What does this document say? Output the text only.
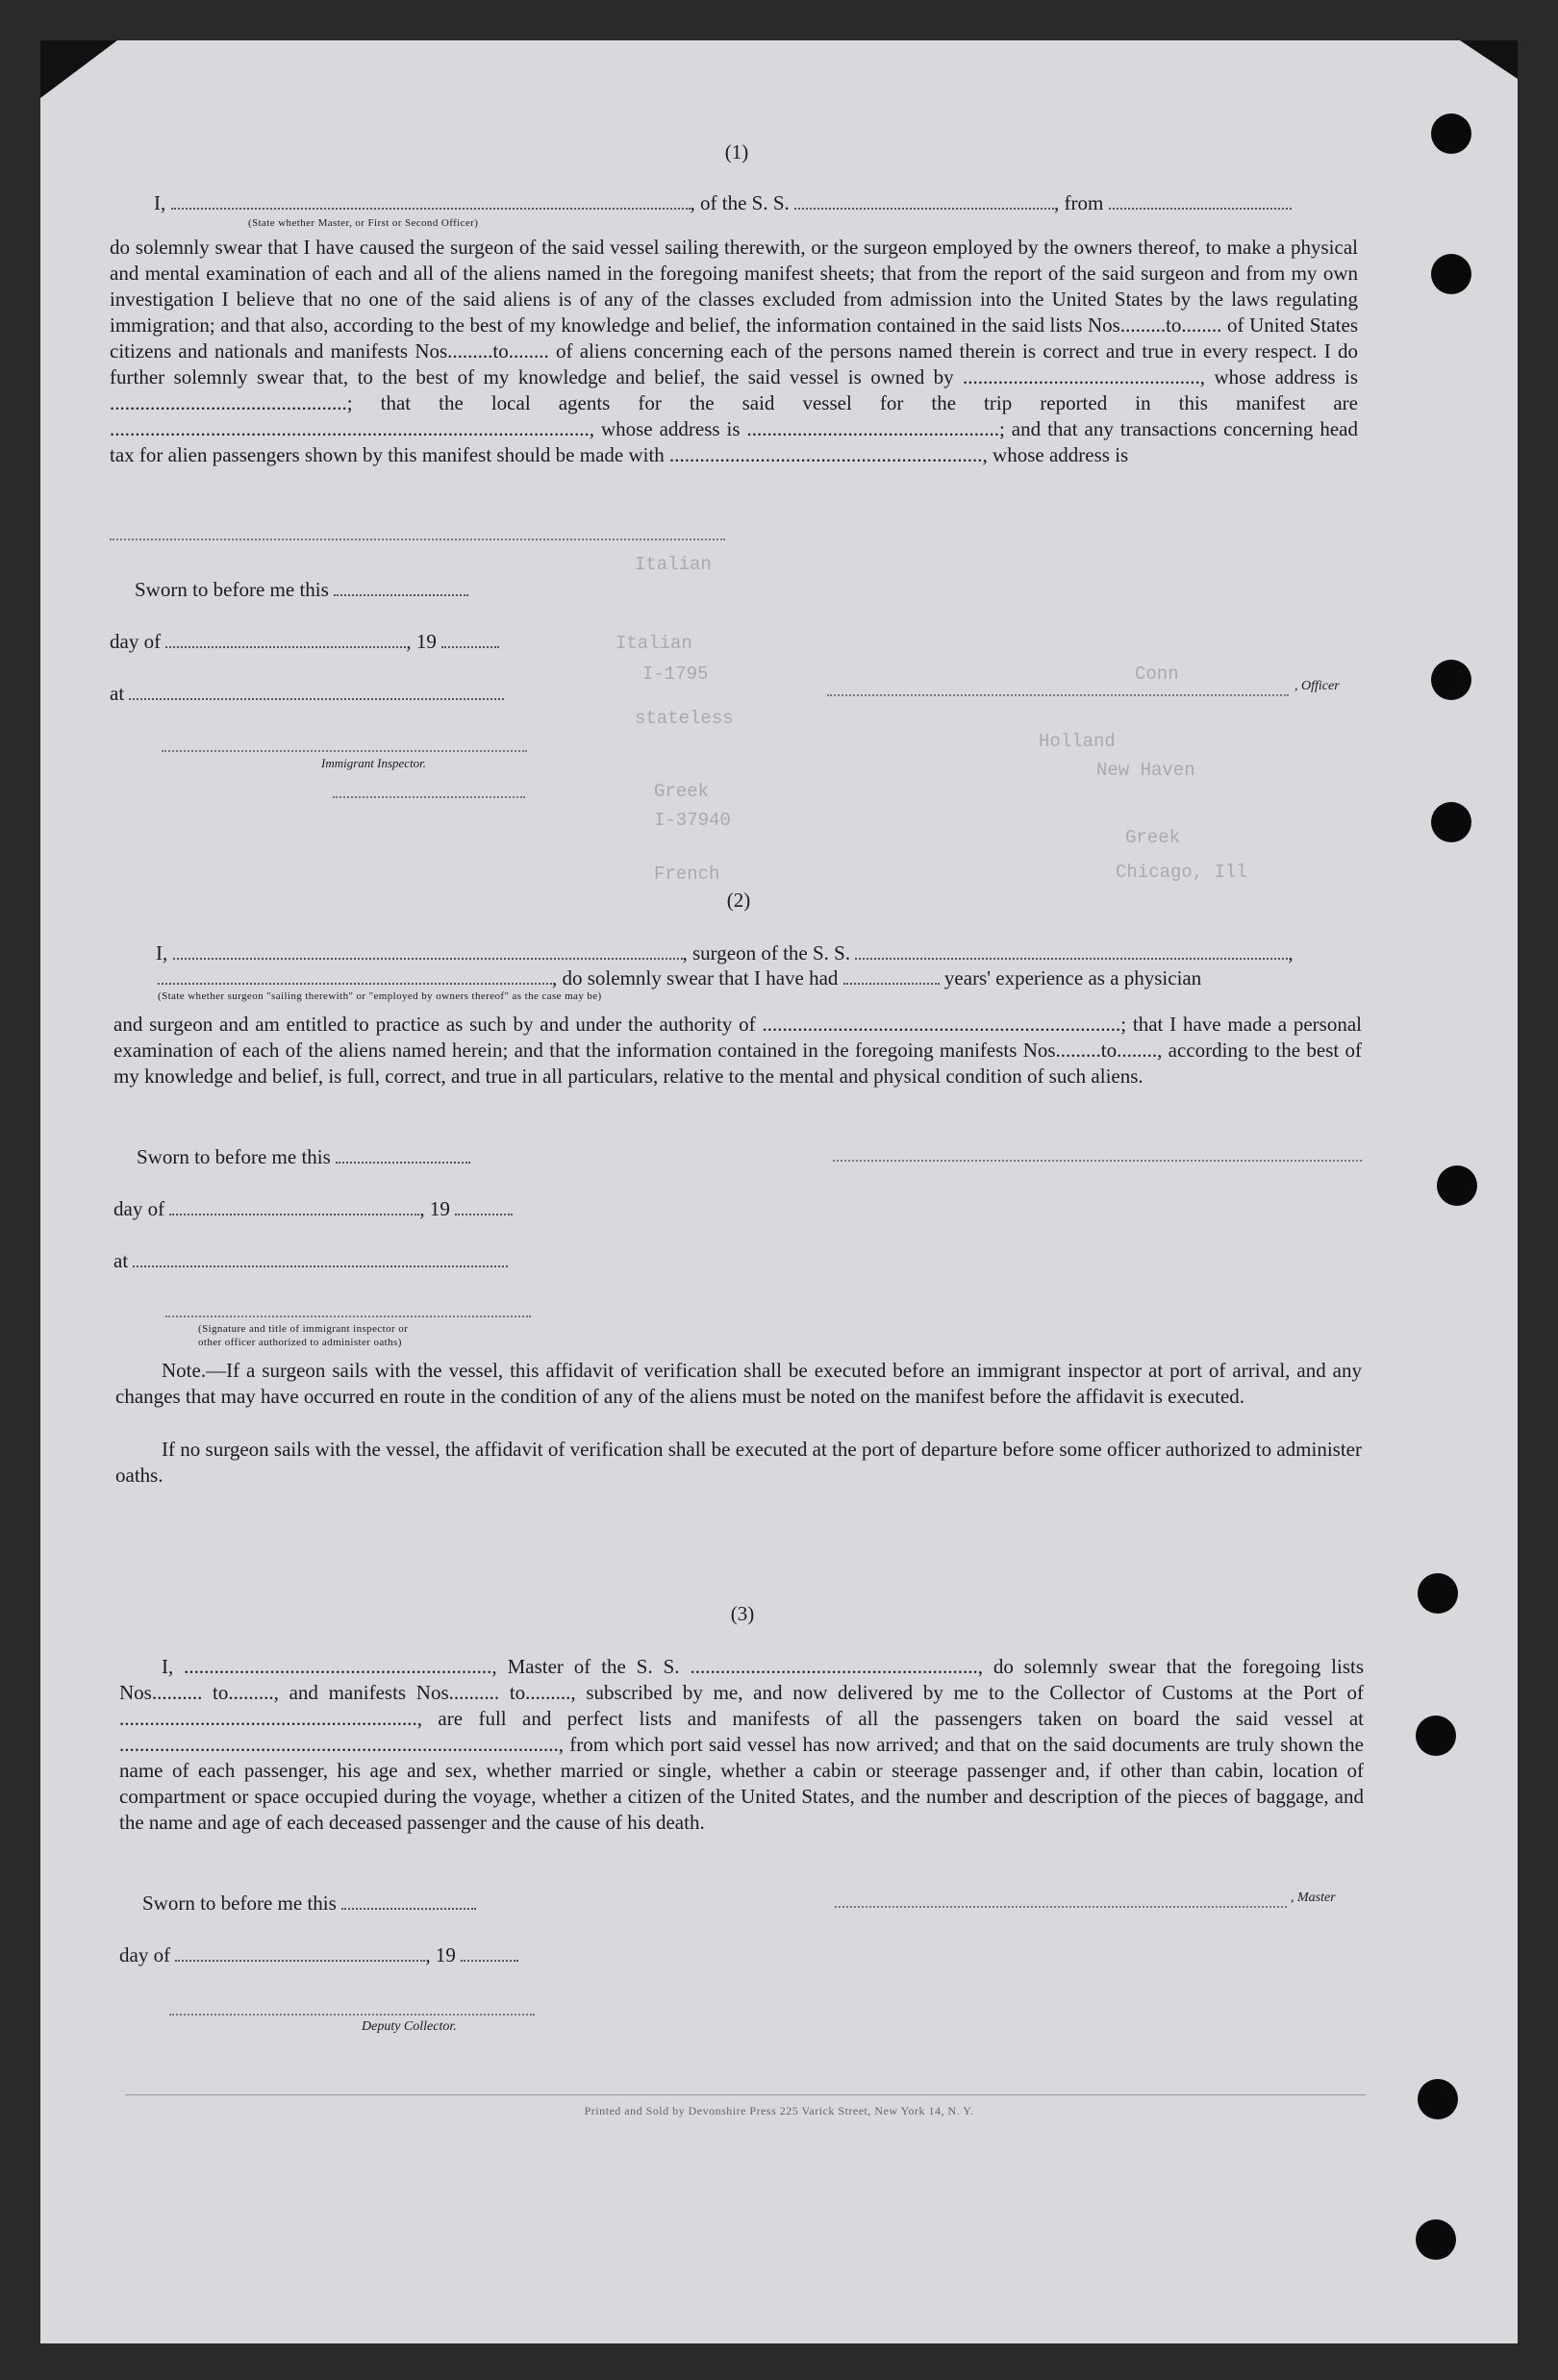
Italian
Italian
I-1795
stateless
Greek
I-37940
French
Conn
Holland
New Haven
Greek
Chicago, Ill
(1)
I,	, of the S. S.	, from
(State whether Master, or First or Second Officer)
do solemnly swear that I have caused the surgeon of the said vessel sailing therewith, or the surgeon employed by the owners thereof, to make a physical and mental examination of each and all of the aliens named in the foregoing manifest sheets; that from the report of the said surgeon and from my own investigation I believe that no one of the said aliens is of any of the classes excluded from admission into the United States by the laws regulating immigration; and that also, according to the best of my knowledge and belief, the information contained in the said lists Nos.........to........ of United States citizens and nationals and manifests Nos.........to........ of aliens concerning each of the persons named therein is correct and true in every respect. I do further solemnly swear that, to the best of my knowledge and belief, the said vessel is owned by ..............................................., whose address is ...............................................; that the local agents for the said vessel for the trip reported in this manifest are ..............................................................................................., whose address is ..................................................; and that any transactions concerning head tax for alien passengers shown by this manifest should be made with .............................................................., whose address is
Sworn to before me this
day of	, 19
at	, Officer
Immigrant Inspector.
(2)
I,	, surgeon of the S. S.	,
, do solemnly swear that I have had	years' experience as a physician
(State whether surgeon "sailing therewith" or "employed by owners thereof" as the case may be)
and surgeon and am entitled to practice as such by and under the authority of .......................................................................; that I have made a personal examination of each of the aliens named herein; and that the information contained in the foregoing manifests Nos.........to........, according to the best of my knowledge and belief, is full, correct, and true in all particulars, relative to the mental and physical condition of such aliens.
Sworn to before me this
day of	, 19
at
(Signature and title of immigrant inspector or
other officer authorized to administer oaths)
Note.—If a surgeon sails with the vessel, this affidavit of verification shall be executed before an immigrant inspector at port of arrival, and any changes that may have occurred en route in the condition of any of the aliens must be noted on the manifest before the affidavit is executed.
If no surgeon sails with the vessel, the affidavit of verification shall be executed at the port of departure before some officer authorized to administer oaths.
(3)
I, ............................................................., Master of the S. S. ........................................................., do solemnly swear that the foregoing lists Nos.......... to........., and manifests Nos.......... to........., subscribed by me, and now delivered by me to the Collector of Customs at the Port of ..........................................................., are full and perfect lists and manifests of all the passengers taken on board the said vessel at ......................................................................................., from which port said vessel has now arrived; and that on the said documents are truly shown the name of each passenger, his age and sex, whether married or single, whether a cabin or steerage passenger and, if other than cabin, location of compartment or space occupied during the voyage, whether a citizen of the United States, and the number and description of the pieces of baggage, and the name and age of each deceased passenger and the cause of his death.
Sworn to before me this	, Master
day of	, 19
Deputy Collector.
Printed and Sold by Devonshire Press 225 Varick Street, New York 14, N. Y.
